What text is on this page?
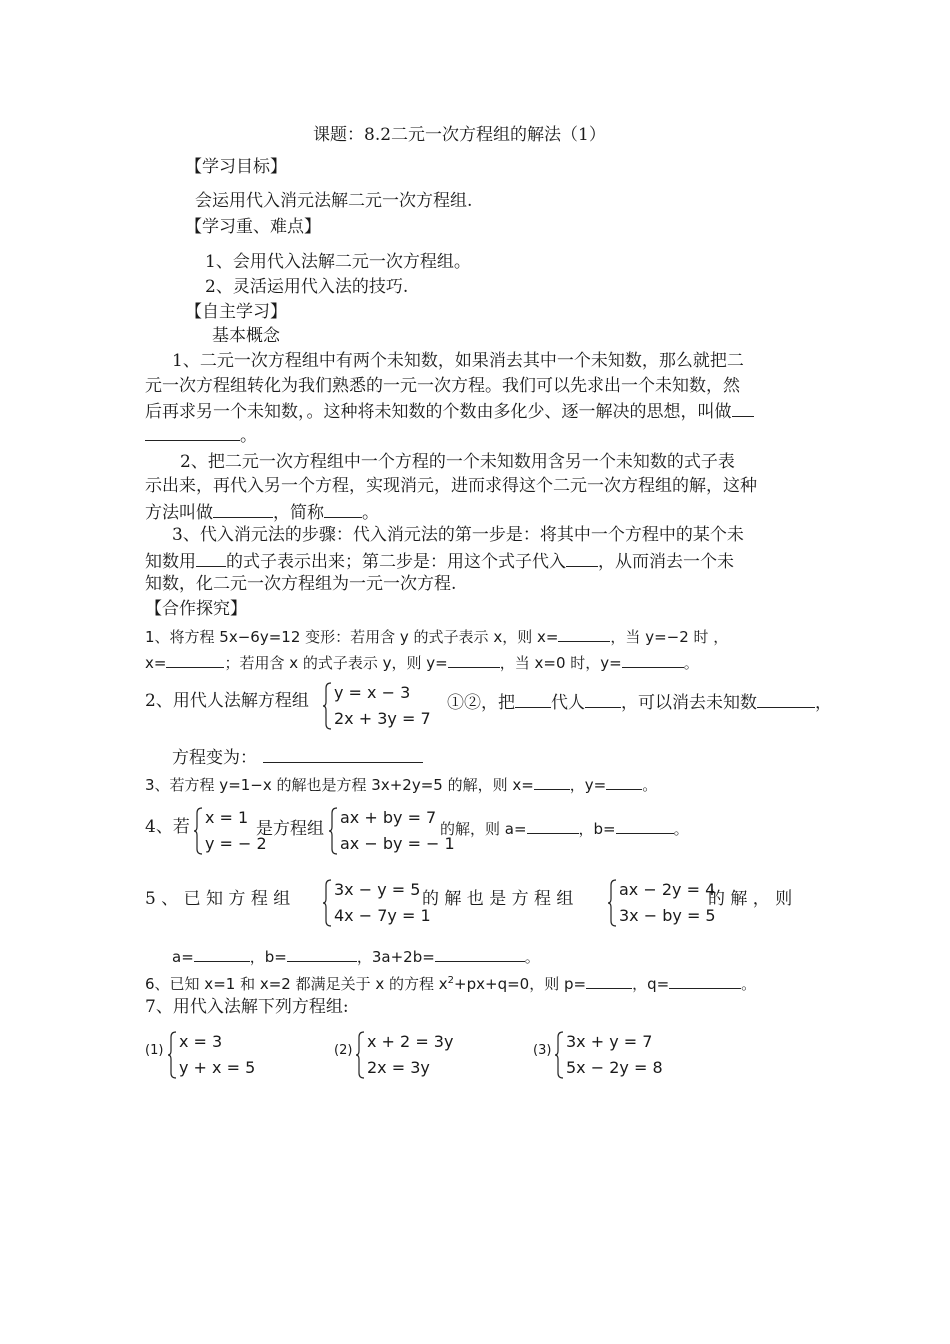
课题：8.2二元一次方程组的解法（1）
【学习目标】
会运用代入消元法解二元一次方程组.
【学习重、难点】
1、会用代入法解二元一次方程组。
2、灵活运用代入法的技巧.
【自主学习】
基本概念
1、二元一次方程组中有两个未知数，如果消去其中一个未知数，那么就把二
元一次方程组转化为我们熟悉的一元一次方程。我们可以先求出一个未知数，然
后再求另一个未知数，。这种将未知数的个数由多化少、逐一解决的思想，叫做
。
2、把二元一次方程组中一个方程的一个未知数用含另一个未知数的式子表
示出来，再代入另一个方程，实现消元，进而求得这个二元一次方程组的解，这种
方法叫做	，简称 。
3、代入消元法的步骤：代入消元法的第一步是：将其中一个方程中的某个未
知数用 的式子表示出来；第二步是：用这个式子代入 ，从而消去一个未
知数，化二元一次方程组为一元一次方程.
【合作探究】
1、将方程 5x−6y=12 变形：若用含 y 的式子表示 x，则 x=	，当 y=−2 时 ，
x=	；若用含 x 的式子表示 y，则 y=	，当 x=0 时，y=	。
2、用代人法解方程组	y = x − 3
2x + 3y = 7
①②，把 代人 ，可以消去未知数	，
方程变为：
3、若方程 y=1−x 的解也是方程 3x+2y=5 的解，则 x= ，y= 。
4、若 x = 1
y = − 2
是方程组
ax + by = 7
ax − by = − 1
的解，则 a=	，b=	。
5 、 已 知 方 程 组	3x − y = 5
4x − 7y = 1
的 解 也 是 方 程 组	ax − 2y = 4
3x − by = 5
的 解 ， 则
a=	，b=	，3a+2b=	。
6、已知 x=1 和 x=2 都满足关于 x 的方程 $x^2+px+q=0$，则 p=	，q=	。
7、用代入法解下列方程组:
(1) x = 3
y + x = 5
(2) x + 2 = 3y
2x = 3y
(3) 3x + y = 7
5x − 2y = 8
